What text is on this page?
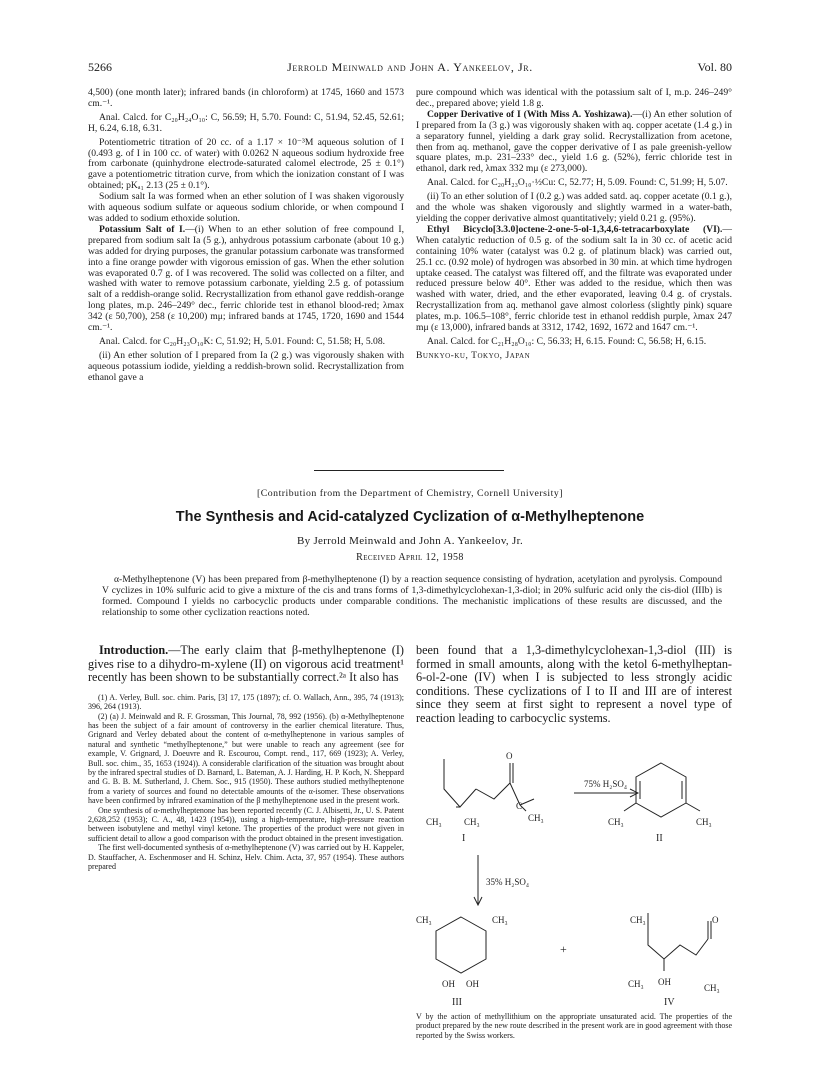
5266	Jerrold Meinwald and John A. Yankeelov, Jr.	Vol. 80

4,500) (one month later); infrared bands (in chloroform) at 1745, 1660 and 1573 cm.⁻¹.

Anal. Calcd. for C₂₀H₂₄O₁₀: C, 56.59; H, 5.70. Found: C, 51.94, 52.45, 52.61; H, 6.24, 6.18, 6.31.

Potentiometric titration of 20 cc. of a 1.17 × 10⁻³M aqueous solution of I (0.493 g. of I in 100 cc. of water) with 0.0262 N aqueous sodium hydroxide free from carbonate (quinhydrone electrode-saturated calomel electrode, 25 ± 0.1°) gave a potentiometric titration curve, from which the ionization constant of I was obtained; pKₐ₁ 2.13 (25 ± 0.1°).

Sodium salt Ia was formed when an ether solution of I was shaken vigorously with aqueous sodium sulfate or aqueous sodium chloride, or when compound I was added to sodium ethoxide solution.

Potassium Salt of I.—(i) When to an ether solution of free compound I, prepared from sodium salt Ia (5 g.), anhydrous potassium carbonate (about 10 g.) was added for drying purposes, the granular potassium carbonate was transformed into a fine orange powder with vigorous emission of gas. When the ether solution was evaporated 0.7 g. of I was recovered. The solid was collected on a filter, and washed with water to remove potassium carbonate, yielding 2.5 g. of potassium salt of a reddish-orange solid. Recrystallization from ethanol gave reddish-orange long plates, m.p. 246–249° dec., ferric chloride test in ethanol blood-red; λmax 342 (ε 50,700), 258 (ε 10,200) mμ; infrared bands at 1745, 1720, 1690 and 1544 cm.⁻¹.

Anal. Calcd. for C₂₀H₂₃O₁₀K: C, 51.92; H, 5.01. Found: C, 51.58; H, 5.08.

(ii) An ether solution of I prepared from Ia (2 g.) was vigorously shaken with aqueous potassium iodide, yielding a reddish-brown solid. Recrystallization from ethanol gave a

pure compound which was identical with the potassium salt of I, m.p. 246–249° dec., prepared above; yield 1.8 g.

Copper Derivative of I (With Miss A. Yoshizawa).—(i) An ether solution of I prepared from Ia (3 g.) was vigorously shaken with aq. copper acetate (1.4 g.) in a separatory funnel, yielding a dark gray solid. Recrystallization from acetone, then from aq. methanol, gave the copper derivative of I as pale greenish-yellow square plates, m.p. 231–233° dec., yield 1.6 g. (52%), ferric chloride test in ethanol, dark red, λmax 332 mμ (ε 273,000).

Anal. Calcd. for C₂₀H₂₃O₁₀·½Cu: C, 52.77; H, 5.09. Found: C, 51.99; H, 5.07.

(ii) To an ether solution of I (0.2 g.) was added satd. aq. copper acetate (0.1 g.), and the whole was shaken vigorously and slightly warmed in a water-bath, yielding the copper derivative almost quantitatively; yield 0.21 g. (95%).

Ethyl Bicyclo[3.3.0]octene-2-one-5-ol-1,3,4,6-tetracarboxylate (VI).—When catalytic reduction of 0.5 g. of the sodium salt Ia in 30 cc. of acetic acid containing 10% water (catalyst was 0.2 g. of platinum black) was carried out, 25.1 cc. (0.92 mole) of hydrogen was absorbed in 30 min. at which time hydrogen uptake ceased. The catalyst was filtered off, and the filtrate was evaporated under reduced pressure below 40°. Ether was added to the residue, which then was washed with water, dried, and the ether evaporated, leaving 0.4 g. of crystals. Recrystallization from aq. methanol gave almost colorless (slightly pink) square plates, m.p. 106.5–108°, ferric chloride test in ethanol reddish purple, λmax 247 mμ (ε 13,000), infrared bands at 3312, 1742, 1692, 1672 and 1647 cm.⁻¹.

Anal. Calcd. for C₂₁H₂₈O₁₀: C, 56.33; H, 6.15. Found: C, 56.58; H, 6.15.

Bunkyo-ku, Tokyo, Japan

[Contribution from the Department of Chemistry, Cornell University]
The Synthesis and Acid-catalyzed Cyclization of α-Methylheptenone
By Jerrold Meinwald and John A. Yankeelov, Jr.
Received April 12, 1958

α-Methylheptenone (V) has been prepared from β-methylheptenone (I) by a reaction sequence consisting of hydration, acetylation and pyrolysis. Compound V cyclizes in 10% sulfuric acid to give a mixture of the cis and trans forms of 1,3-dimethylcyclohexan-1,3-diol; in 20% sulfuric acid only the cis-diol (IIIb) is formed. Compound I yields no carbocyclic products under comparable conditions. The mechanistic implications of these results are discussed, and the relationship to some other cyclization reactions noted.

Introduction.—The early claim that β-methylheptenone (I) gives rise to a dihydro-m-xylene (II) on vigorous acid treatment¹ recently has been shown to be substantially correct.²ᵃ It also has

(1) A. Verley, Bull. soc. chim. Paris, [3] 17, 175 (1897); cf. O. Wallach, Ann., 395, 74 (1913); 396, 264 (1913).

(2) (a) J. Meinwald and R. F. Grossman, This Journal, 78, 992 (1956). (b) α-Methylheptenone has been the subject of a fair amount of controversy in the earlier chemical literature. Thus, Grignard and Verley debated about the content of α-methylheptenone in various samples of natural and synthetic “methylheptenone,” but were unable to reach any agreement (see for example, V. Grignard, J. Doeuvre and R. Escourou, Compt. rend., 117, 669 (1923); A. Verley, Bull. soc. chim., 35, 1653 (1924)). A considerable clarification of the situation was brought about by the infrared spectral studies of D. Barnard, L. Bateman, A. J. Harding, H. P. Koch, N. Sheppard and G. B. B. M. Sutherland, J. Chem. Soc., 915 (1950). These authors studied methylheptenone from a variety of sources and found no detectable amounts of the α-isomer. These observations have been confirmed by infrared examination of the β methylheptenone used in the present work.

One synthesis of α-methylheptenone has been reported recently (C. J. Albisetti, Jr., U. S. Patent 2,628,252 (1953); C. A., 48, 1423 (1954)), using a high-temperature, high-pressure reaction between isobutylene and methyl vinyl ketone. The properties of the product were not given in sufficient detail to allow a good comparison with the product obtained in the present investigation.

The first well-documented synthesis of α-methylheptenone (V) was carried out by H. Kappeler, D. Stauffacher, A. Eschenmoser and H. Schinz, Helv. Chim. Acta, 37, 957 (1954). These authors prepared

been found that a 1,3-dimethylcyclohexan-1,3-diol (III) is formed in small amounts, along with the ketol 6-methylheptan-6-ol-2-one (IV) when I is subjected to less strongly acidic conditions. These cyclizations of I to II and III are of interest since they seem at first sight to represent a novel type of reaction leading to carbocyclic systems.

CH₃ CH₃	CH₃
O
C
I
75% H₂SO₄
CH₃	CH₃
II
35% H₂SO₄
CH₃	CH₃
OH OH
III
+
CH₃	O
CH₃ OH
CH₃
IV

V by the action of methyllithium on the appropriate unsaturated acid. The properties of the product prepared by the new route described in the present work are in good agreement with those reported by the Swiss workers.
